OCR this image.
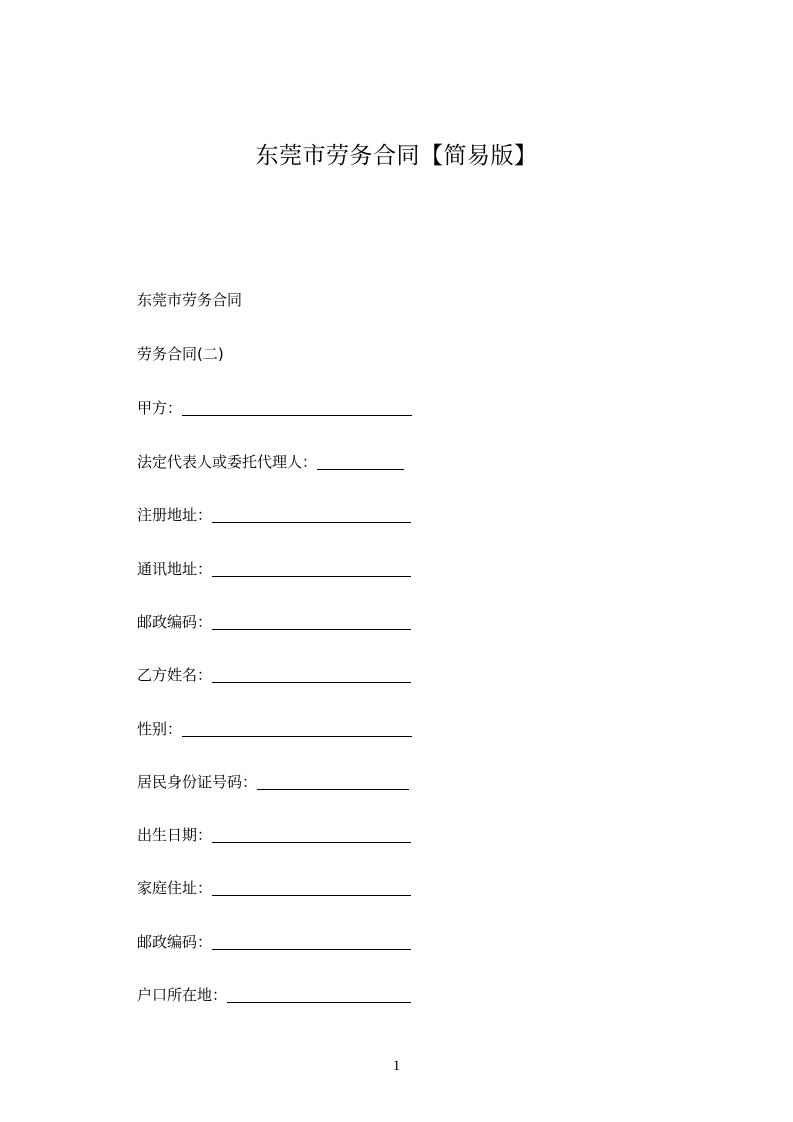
东莞市劳务合同【简易版】
东莞市劳务合同
劳务合同(二)
甲方：
法定代表人或委托代理人：
注册地址：
通讯地址：
邮政编码：
乙方姓名：
性别：
居民身份证号码：
出生日期：
家庭住址：
邮政编码：
户口所在地：
1
